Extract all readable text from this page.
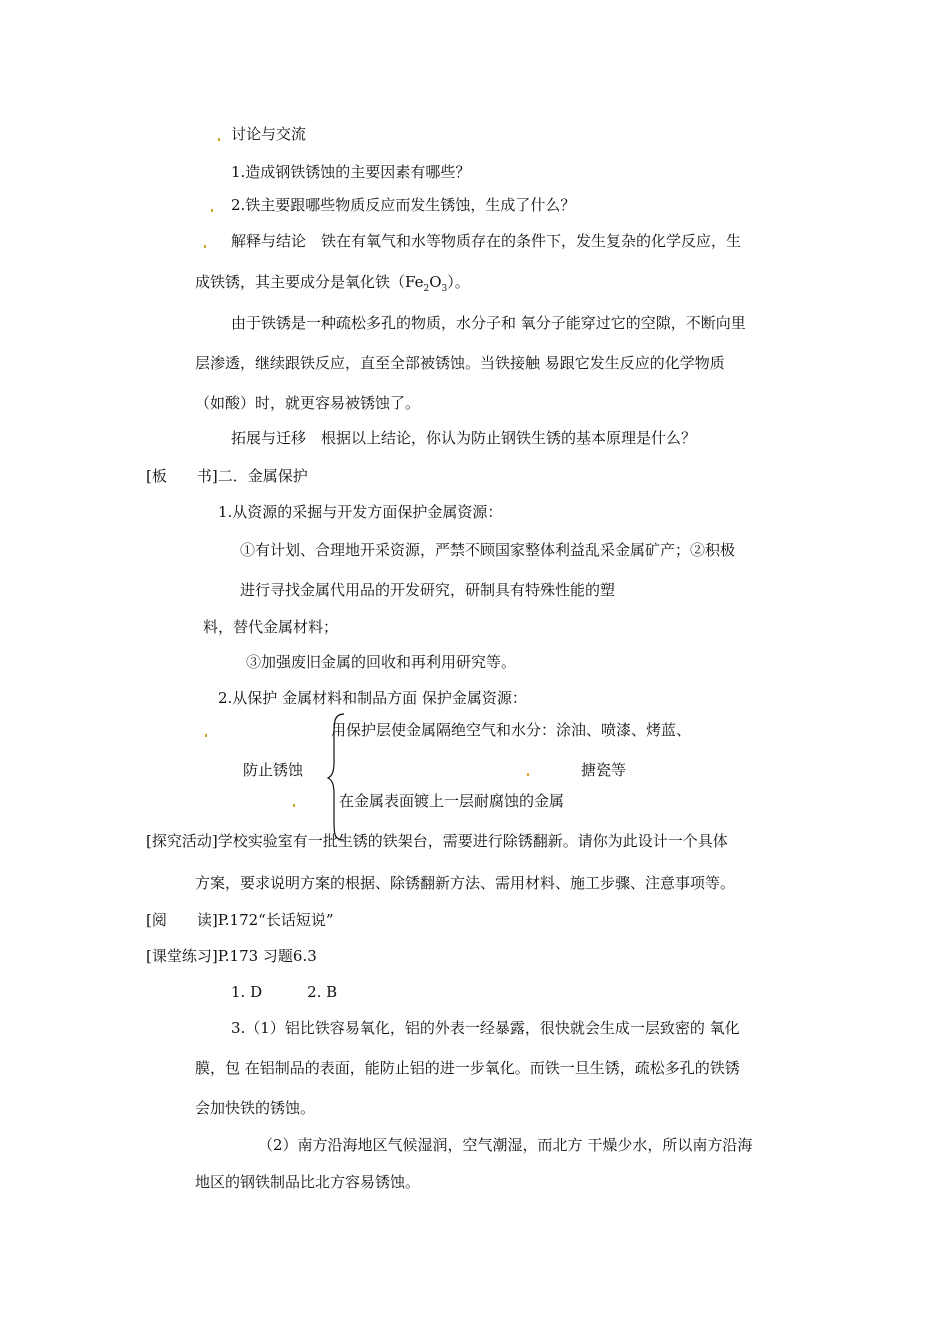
讨论与交流
1.造成钢铁锈蚀的主要因素有哪些？
2.铁主要跟哪些物质反应而发生锈蚀，生成了什么？
解释与结论　铁在有氧气和水等物质存在的条件下，发生复杂的化学反应，生
成铁锈，其主要成分是氧化铁$(Fe_2O_3)$。
由于铁锈是一种疏松多孔的物质，水分子和 氧分子能穿过它的空隙，不断向里
层渗透，继续跟铁反应，直至全部被锈蚀。当铁接触 易跟它发生反应的化学物质
（如酸）时，就更容易被锈蚀了。
拓展与迁移　根据以上结论，你认为防止钢铁生锈的基本原理是什么？
[板　　书]二．金属保护
1.从资源的采掘与开发方面保护金属资源：
①有计划、合理地开采资源，严禁不顾国家整体利益乱采金属矿产；②积极
进行寻找金属代用品的开发研究，研制具有特殊性能的塑
料，替代金属材料；
③加强废旧金属的回收和再利用研究等。
2.从保护 金属材料和制品方面 保护金属资源：
防止锈蚀
用保护层使金属隔绝空气和水分：涂油、喷漆、烤蓝、
搪瓷等
在金属表面镀上一层耐腐蚀的金属
[探究活动]学校实验室有一批生锈的铁架台，需要进行除锈翻新。请你为此设计一个具体
方案，要求说明方案的根据、除锈翻新方法、需用材料、施工步骤、注意事项等。
[阅　　读]P.172“长话短说”
[课堂练习]P.173 习题6.3
1. D　　　2. B
3.（1）铝比铁容易氧化，铝的外表一经暴露，很快就会生成一层致密的 氧化
膜，包 在铝制品的表面，能防止铝的进一步氧化。而铁一旦生锈，疏松多孔的铁锈
会加快铁的锈蚀。
（2）南方沿海地区气候湿润，空气潮湿，而北方 干燥少水，所以南方沿海
地区的钢铁制品比北方容易锈蚀。
